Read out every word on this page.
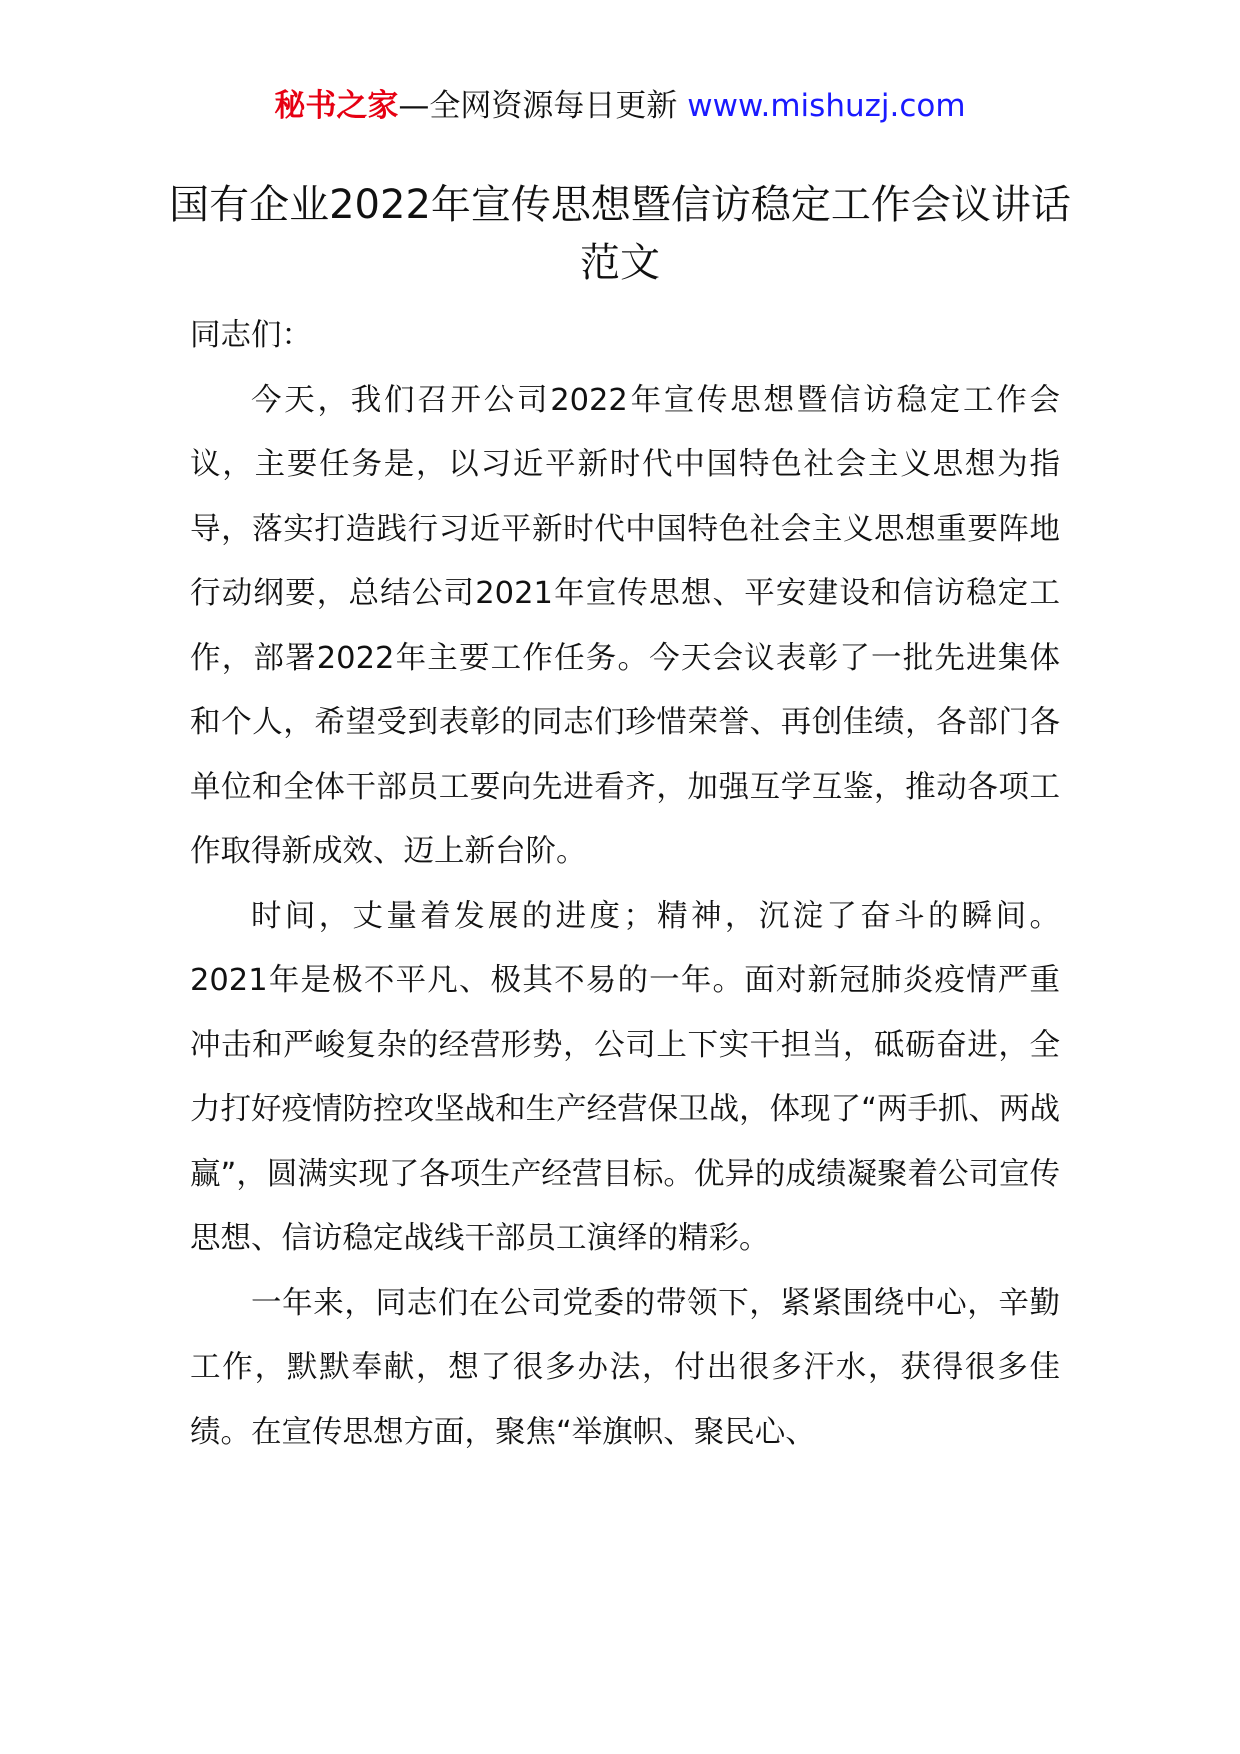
秘书之家—全网资源每日更新 www.mishuzj.com
国有企业2022年宣传思想暨信访稳定工作会议讲话范文

同志们：

今天，我们召开公司2022年宣传思想暨信访稳定工作会议，主要任务是，以习近平新时代中国特色社会主义思想为指导，落实打造践行习近平新时代中国特色社会主义思想重要阵地行动纲要，总结公司2021年宣传思想、平安建设和信访稳定工作，部署2022年主要工作任务。今天会议表彰了一批先进集体和个人，希望受到表彰的同志们珍惜荣誉、再创佳绩，各部门各单位和全体干部员工要向先进看齐，加强互学互鉴，推动各项工作取得新成效、迈上新台阶。

时间，丈量着发展的进度；精神，沉淀了奋斗的瞬间。2021年是极不平凡、极其不易的一年。面对新冠肺炎疫情严重冲击和严峻复杂的经营形势，公司上下实干担当，砥砺奋进，全力打好疫情防控攻坚战和生产经营保卫战，体现了“两手抓、两战赢”，圆满实现了各项生产经营目标。优异的成绩凝聚着公司宣传思想、信访稳定战线干部员工演绎的精彩。

一年来，同志们在公司党委的带领下，紧紧围绕中心，辛勤工作，默默奉献，想了很多办法，付出很多汗水，获得很多佳绩。在宣传思想方面，聚焦“举旗帜、聚民心、
